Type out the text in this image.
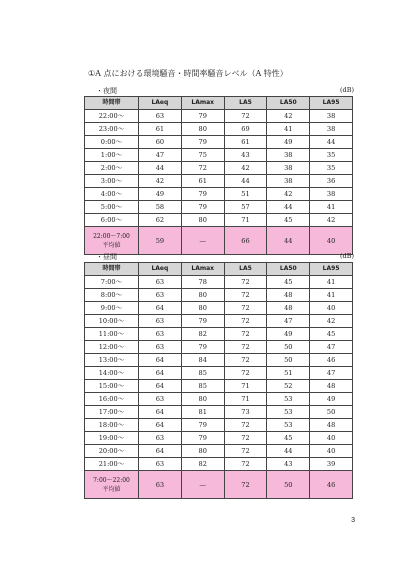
①A 点における環境騒音・時間率騒音レベル（A 特性）
・夜間	(dB)
時間帯	LAeq	LAmax	LA5	LA50	LA95
22:00～	63	79	72	42	38
23:00～	61	80	69	41	38
0:00～	60	79	61	49	44
1:00～	47	75	43	38	35
2:00～	44	72	42	38	35
3:00～	42	61	44	38	36
4:00～	49	79	51	42	38
5:00～	58	79	57	44	41
6:00～	62	80	71	45	42

22:00～7:00
平均値	59	—	66	44	40
・昼間	(dB)
時間帯	LAeq	LAmax	LA5	LA50	LA95
7:00～	63	78	72	45	41
8:00～	63	80	72	48	41
9:00～	64	80	72	48	40
10:00～	63	79	72	47	42
11:00～	63	82	72	49	45
12:00～	63	79	72	50	47
13:00～	64	84	72	50	46
14:00～	64	85	72	51	47
15:00～	64	85	71	52	48
16:00～	63	80	71	53	49
17:00～	64	81	73	53	50
18:00～	64	79	72	53	48
19:00～	63	79	72	45	40
20:00～	64	80	72	44	40
21:00～	63	82	72	43	39

7:00～22:00
平均値	63	—	72	50	46
3
